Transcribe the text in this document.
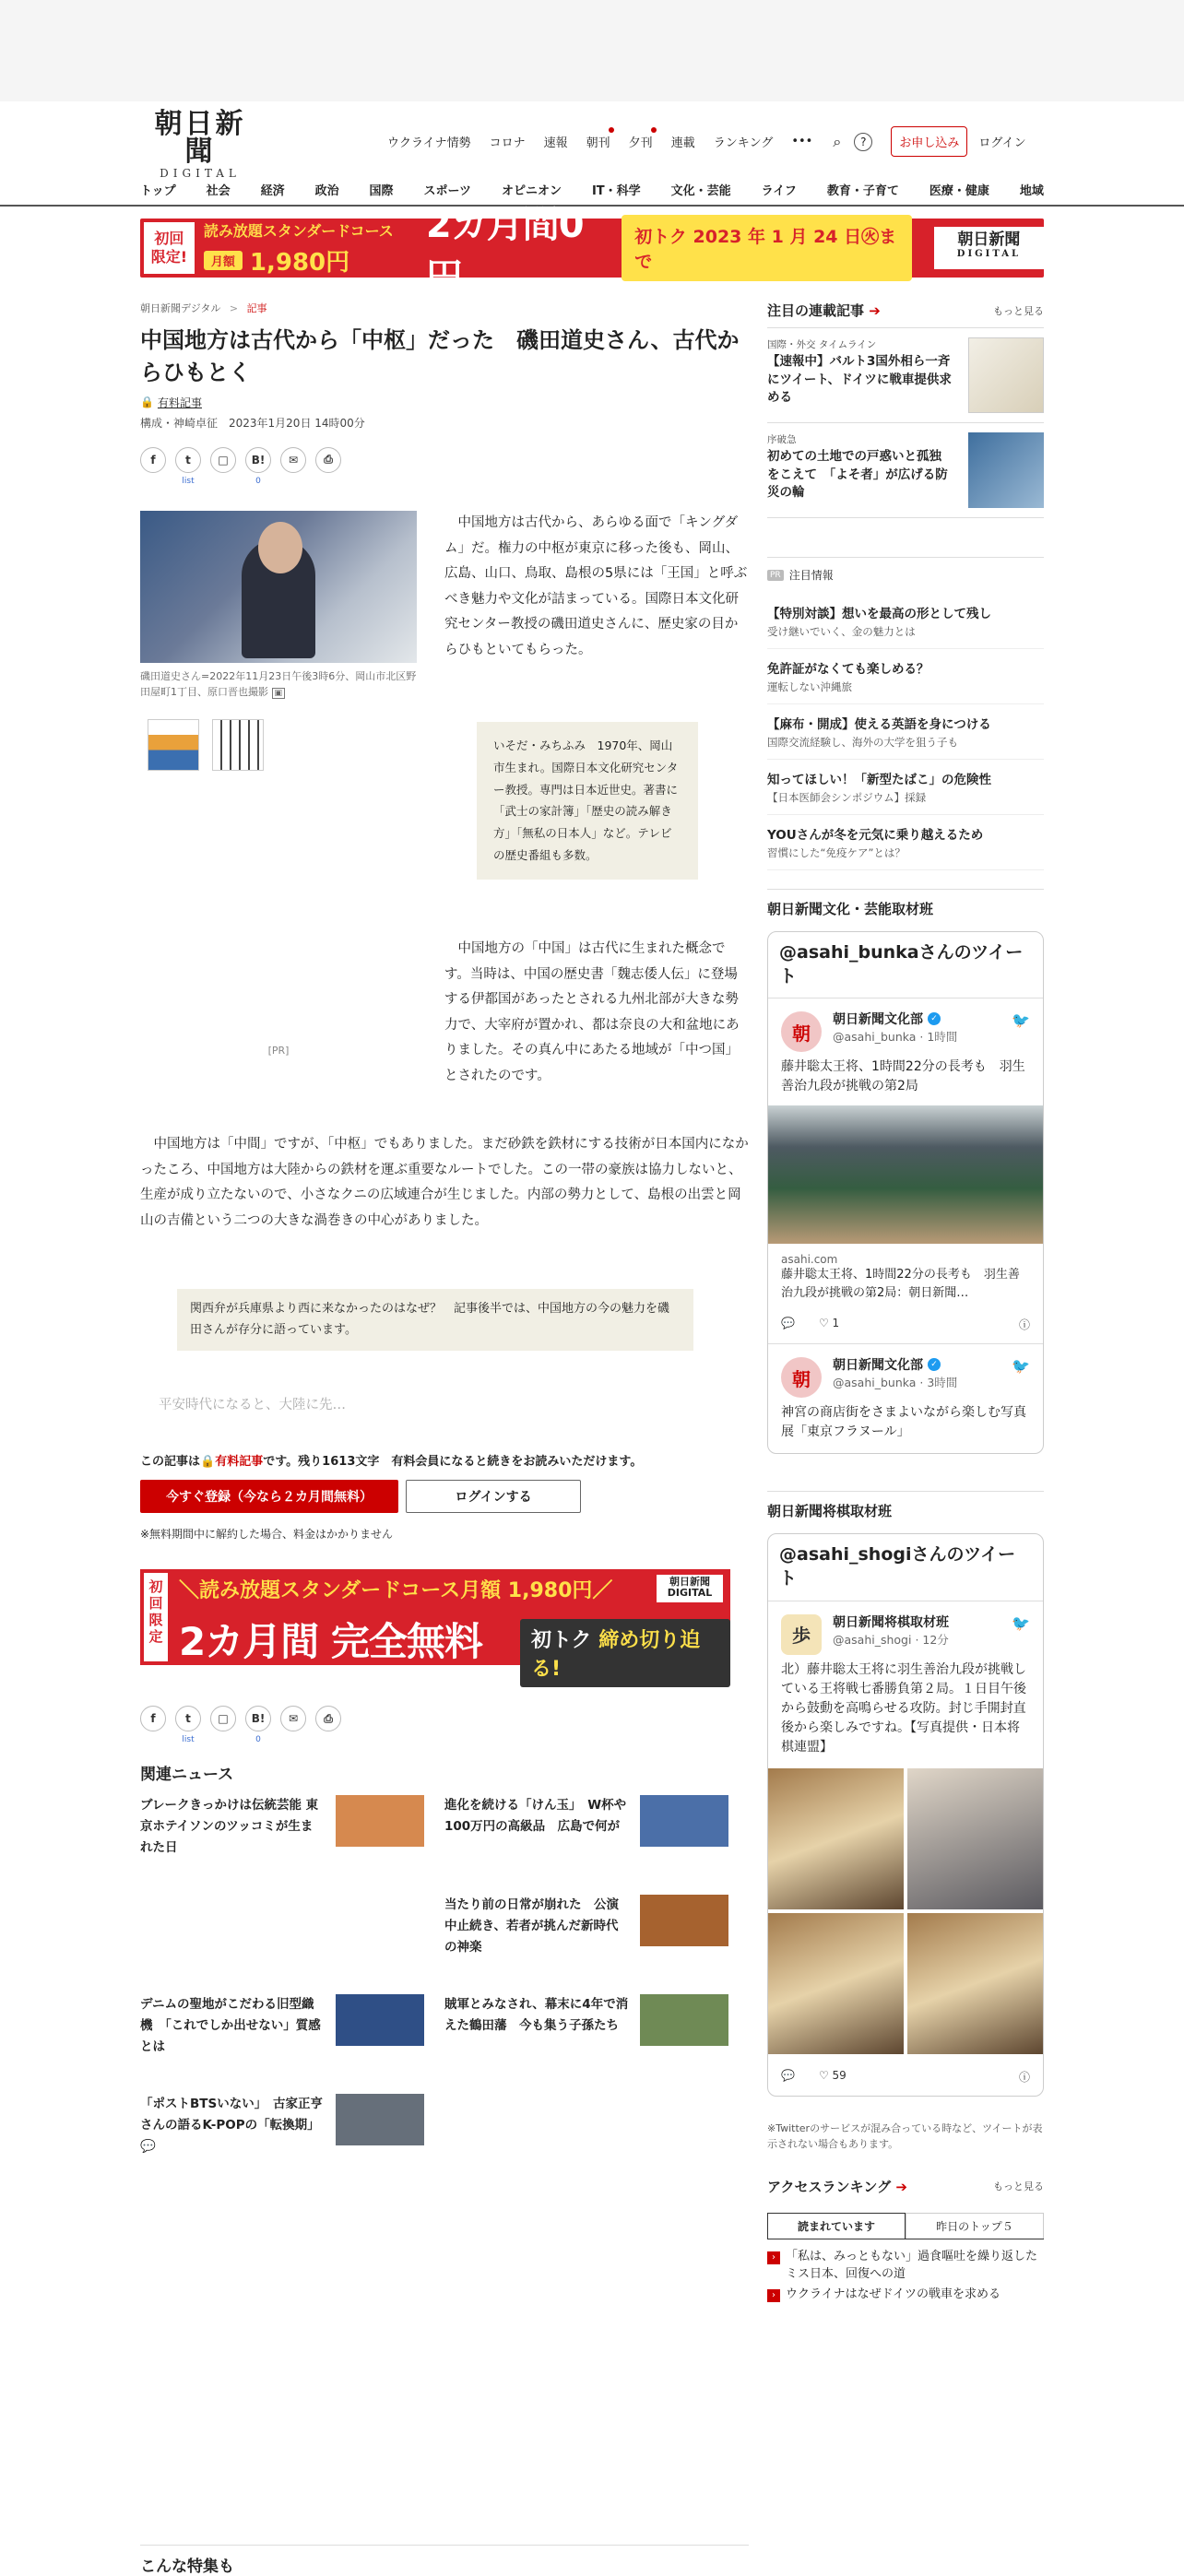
朝日新聞
DIGITAL
ウクライナ情勢 コロナ 速報 朝刊 夕刊 連載 ランキング ••• ⌕	?	お申し込み	ログイン
トップ	社会	経済	政治	国際	スポーツ	オピニオン	IT・科学	文化・芸能	ライフ	教育・子育て	医療・健康	地域
初回
限定!
読み放題スタンダードコース
月額 1,980円
2カ月間0円
初トク 2023 年 1 月 24 日㊋まで
朝日新聞
DIGITAL
朝日新聞デジタル > 記事
中国地方は古代から「中枢」だった　磯田道史さん、古代からひもとく
🔒 有料記事
構成・神崎卓征　2023年1月20日 14時00分
f	t
list
□	B!
0
✉	⎙
磯田道史さん=2022年11月23日午後3時6分、岡山市北区野田屋町1丁目、原口晋也撮影 ▣

中国地方は古代から、あらゆる面で「キングダム」だ。権力の中枢が東京に移った後も、岡山、広島、山口、鳥取、島根の5県には「王国」と呼ぶべき魅力や文化が詰まっている。国際日本文化研究センター教授の磯田道史さんに、歴史家の目からひもといてもらった。

いそだ・みちふみ　1970年、岡山市生まれ。国際日本文化研究センター教授。専門は日本近世史。著書に「武士の家計簿」「歴史の読み解き方」「無私の日本人」など。テレビの歴史番組も多数。
[PR]

中国地方の「中国」は古代に生まれた概念です。当時は、中国の歴史書「魏志倭人伝」に登場する伊都国があったとされる九州北部が大きな勢力で、大宰府が置かれ、都は奈良の大和盆地にありました。その真ん中にあたる地域が「中つ国」とされたのです。

中国地方は「中間」ですが、「中枢」でもありました。まだ砂鉄を鉄材にする技術が日本国内になかったころ、中国地方は大陸からの鉄材を運ぶ重要なルートでした。この一帯の豪族は協力しないと、生産が成り立たないので、小さなクニの広域連合が生じました。内部の勢力として、島根の出雲と岡山の吉備という二つの大きな渦巻きの中心がありました。

関西弁が兵庫県より西に来なかったのはなぜ？　記事後半では、中国地方の今の魅力を磯田さんが存分に語っています。
平安時代になると、大陸に先…
この記事は🔒有料記事です。残り1613文字　有料会員になると続きをお読みいただけます。
今すぐ登録（今なら２カ月間無料）	ログインする
※無料期間中に解約した場合、料金はかかりません
初回限定
＼読み放題スタンダードコース月額 1,980円／
2カ月間 完全無料	初トク 締め切り迫る!
朝日新聞 DIGITAL
f	t
list
□	B!
0
✉	⎙
関連ニュース
ブレークきっかけは伝統芸能 東京ホテイソンのツッコミが生まれた日
進化を続ける「けん玉」　W杯や100万円の高級品　広島で何が
当たり前の日常が崩れた　公演中止続き、若者が挑んだ新時代の神楽
デニムの聖地がこだわる旧型織機　「これでしか出せない」質感とは
賊軍とみなされ、幕末に4年で消えた鶴田藩　今も集う子孫たち
「ポストBTSいない」　古家正亨さんの語るK-POPの「転換期」 💬
こんな特集も
注目の連載記事 ➔	もっと見る
国際・外交 タイムライン
【速報中】バルト3国外相ら一斉にツイート、ドイツに戦車提供求める
序破急
初めての土地での戸惑いと孤独をこえて　「よそ者」が広げる防災の輪
PR 注目情報
【特別対談】想いを最高の形として残し
受け継いでいく、金の魅力とは
免許証がなくても楽しめる？
運転しない沖縄旅
【麻布・開成】使える英語を身につける
国際交流経験し、海外の大学を狙う子も
知ってほしい！「新型たばこ」の危険性
【日本医師会シンポジウム】採録
YOUさんが冬を元気に乗り越えるため
習慣にした“免疫ケア”とは？
朝日新聞文化・芸能取材班
@asahi_bunkaさんのツイート
朝
朝日新聞文化部 ✓
@asahi_bunka · 1時間
🐦
藤井聡太王将、1時間22分の長考も　羽生善治九段が挑戦の第2局
asahi.com
藤井聡太王将、1時間22分の長考も　羽生善治九段が挑戦の第2局：朝日新聞…
💬 ♡ 1	ⓘ
朝
朝日新聞文化部 ✓
@asahi_bunka · 3時間
🐦
神宮の商店街をさまよいながら楽しむ写真展「東京フラヌール」
朝日新聞将棋取材班
@asahi_shogiさんのツイート
歩
朝日新聞将棋取材班
@asahi_shogi · 12分
🐦
北）藤井聡太王将に羽生善治九段が挑戦している王将戦七番勝負第２局。１日目午後から鼓動を高鳴らせる攻防。封じ手開封直後から楽しみですね。【写真提供・日本将棋連盟】
💬 ♡ 59	ⓘ
※Twitterのサービスが混み合っている時など、ツイートが表示されない場合もあります。
アクセスランキング ➔	もっと見る
読まれています	昨日のトップ５
› 「私は、みっともない」過食嘔吐を繰り返した　ミス日本、回復への道
› ウクライナはなぜドイツの戦車を求める
